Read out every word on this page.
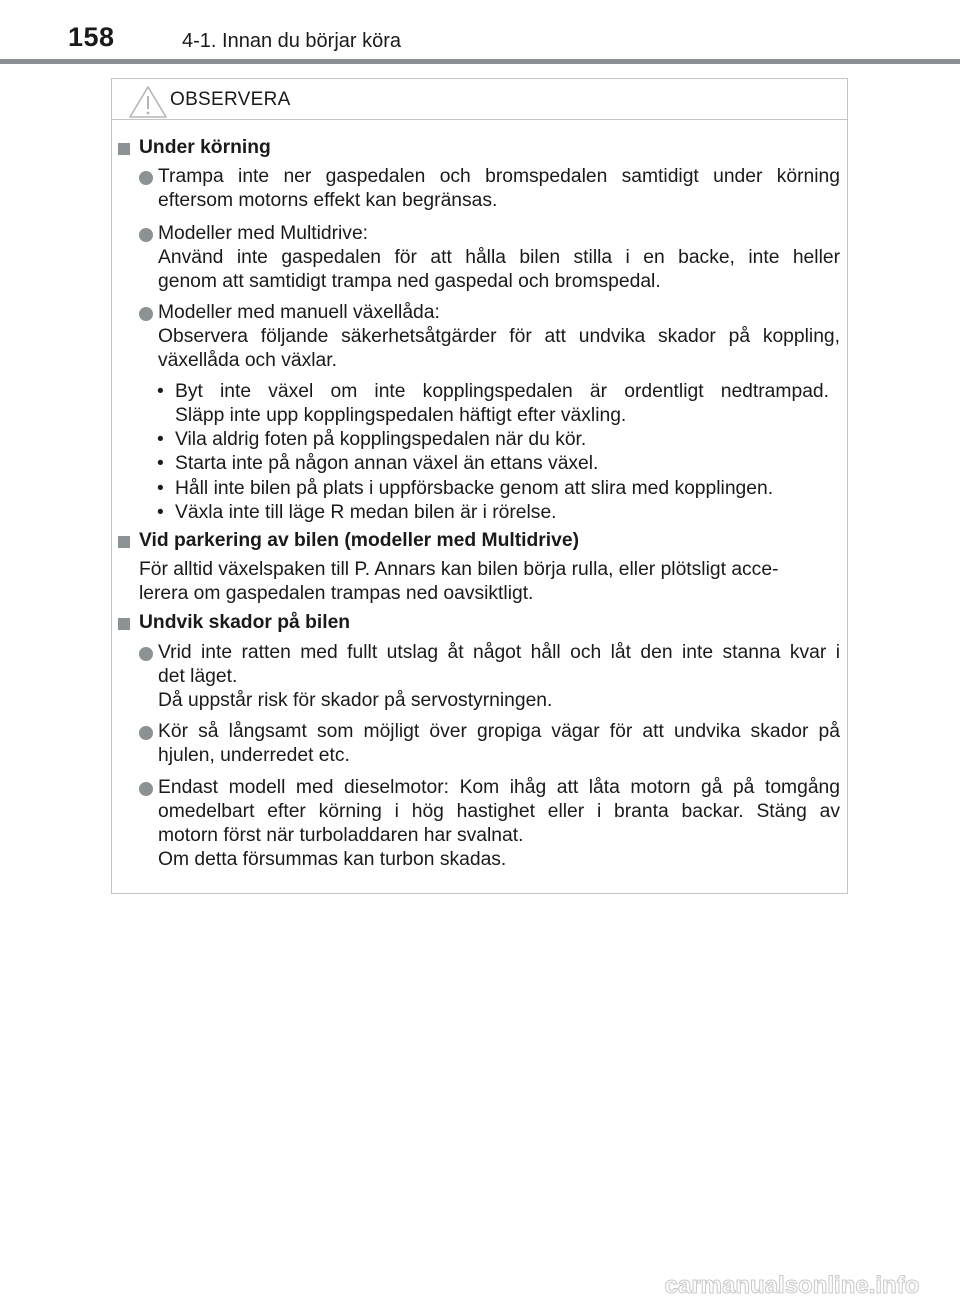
158	4-1. Innan du börjar köra
OBSERVERA
Under körning
Trampa inte ner gaspedalen och bromspedalen samtidigt under körning
eftersom motorns effekt kan begränsas.
Modeller med Multidrive:
Använd inte gaspedalen för att hålla bilen stilla i en backe, inte heller
genom att samtidigt trampa ned gaspedal och bromspedal.
Modeller med manuell växellåda:
Observera följande säkerhetsåtgärder för att undvika skador på koppling,
växellåda och växlar.
• Byt inte växel om inte kopplingspedalen är ordentligt nedtrampad.
Släpp inte upp kopplingspedalen häftigt efter växling.
• Vila aldrig foten på kopplingspedalen när du kör.
• Starta inte på någon annan växel än ettans växel.
• Håll inte bilen på plats i uppförsbacke genom att slira med kopplingen.
• Växla inte till läge R medan bilen är i rörelse.
Vid parkering av bilen (modeller med Multidrive)
För alltid växelspaken till P. Annars kan bilen börja rulla, eller plötsligt acce-
lerera om gaspedalen trampas ned oavsiktligt.
Undvik skador på bilen
Vrid inte ratten med fullt utslag åt något håll och låt den inte stanna kvar i
det läget.
Då uppstår risk för skador på servostyrningen.
Kör så långsamt som möjligt över gropiga vägar för att undvika skador på
hjulen, underredet etc.
Endast modell med dieselmotor: Kom ihåg att låta motorn gå på tomgång
omedelbart efter körning i hög hastighet eller i branta backar. Stäng av
motorn först när turboladdaren har svalnat.
Om detta försummas kan turbon skadas.
carmanualsonline.info
